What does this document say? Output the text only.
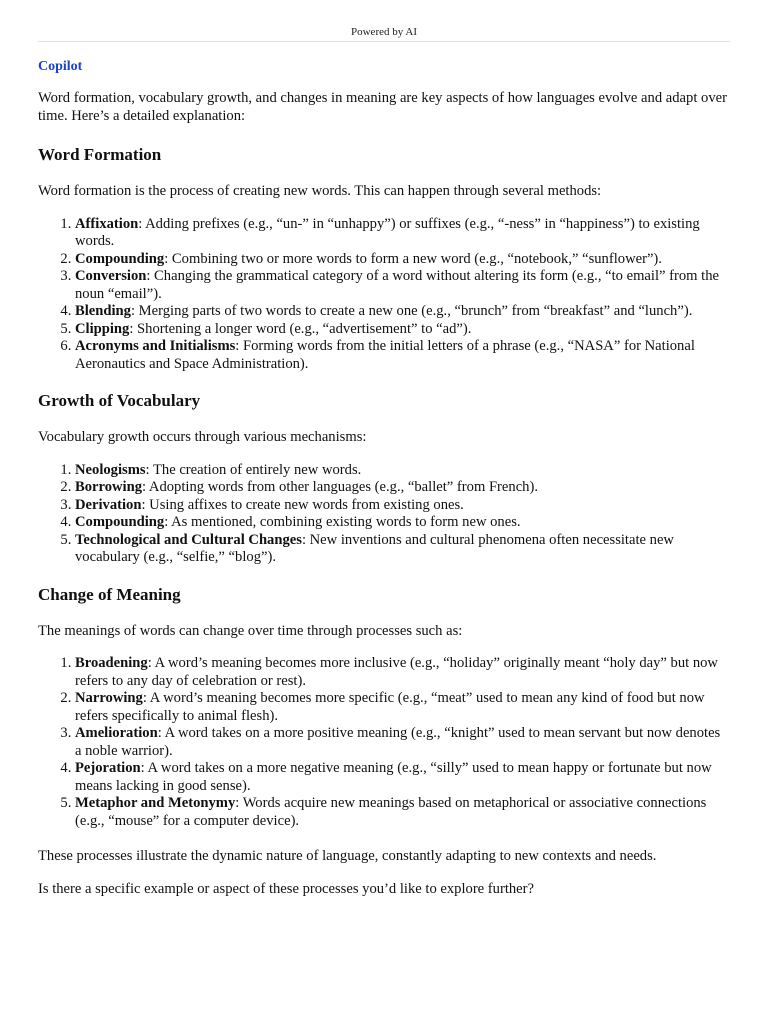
Powered by AI
Copilot

Word formation, vocabulary growth, and changes in meaning are key aspects of how languages evolve and adapt over time. Here’s a detailed explanation:

Word Formation

Word formation is the process of creating new words. This can happen through several methods:

1. Affixation: Adding prefixes (e.g., “un-” in “unhappy”) or suffixes (e.g., “-ness” in “happiness”) to existing words.
2. Compounding: Combining two or more words to form a new word (e.g., “notebook,” “sunflower”).
3. Conversion: Changing the grammatical category of a word without altering its form (e.g., “to email” from the noun “email”).
4. Blending: Merging parts of two words to create a new one (e.g., “brunch” from “breakfast” and “lunch”).
5. Clipping: Shortening a longer word (e.g., “advertisement” to “ad”).
6. Acronyms and Initialisms: Forming words from the initial letters of a phrase (e.g., “NASA” for National Aeronautics and Space Administration).
Growth of Vocabulary

Vocabulary growth occurs through various mechanisms:

1. Neologisms: The creation of entirely new words.
2. Borrowing: Adopting words from other languages (e.g., “ballet” from French).
3. Derivation: Using affixes to create new words from existing ones.
4. Compounding: As mentioned, combining existing words to form new ones.
5. Technological and Cultural Changes: New inventions and cultural phenomena often necessitate new vocabulary (e.g., “selfie,” “blog”).
Change of Meaning

The meanings of words can change over time through processes such as:

1. Broadening: A word’s meaning becomes more inclusive (e.g., “holiday” originally meant “holy day” but now refers to any day of celebration or rest).
2. Narrowing: A word’s meaning becomes more specific (e.g., “meat” used to mean any kind of food but now refers specifically to animal flesh).
3. Amelioration: A word takes on a more positive meaning (e.g., “knight” used to mean servant but now denotes a noble warrior).
4. Pejoration: A word takes on a more negative meaning (e.g., “silly” used to mean happy or fortunate but now means lacking in good sense).
5. Metaphor and Metonymy: Words acquire new meanings based on metaphorical or associative connections (e.g., “mouse” for a computer device).

These processes illustrate the dynamic nature of language, constantly adapting to new contexts and needs.

Is there a specific example or aspect of these processes you’d like to explore further?
